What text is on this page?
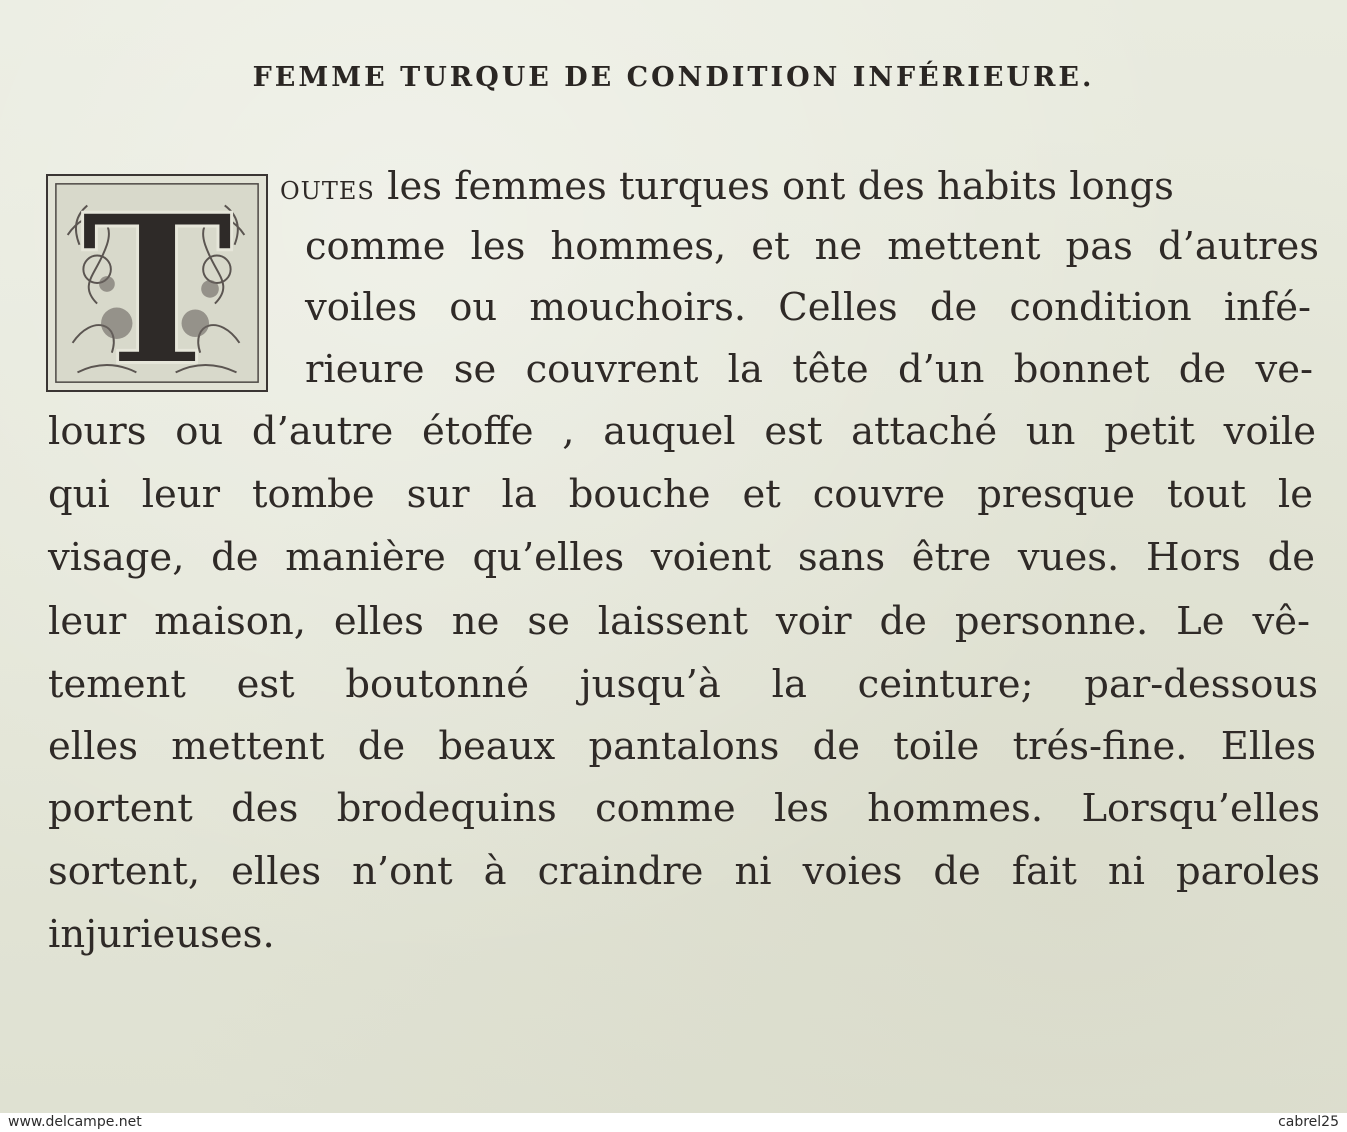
FEMME TURQUE DE CONDITION INFÉRIEURE.
T OUTES les femmes turques ont des habits longs
comme les hommes, et ne mettent pas d’autres
voiles ou mouchoirs. Celles de condition infé-
rieure se couvrent la tête d’un bonnet de ve-
lours ou d’autre étoffe , auquel est attaché un petit voile
qui leur tombe sur la bouche et couvre presque tout le
visage, de manière qu’elles voient sans être vues. Hors de
leur maison, elles ne se laissent voir de personne. Le vê-
tement est boutonné jusqu’à la ceinture; par-dessous
elles mettent de beaux pantalons de toile trés-fine. Elles
portent des brodequins comme les hommes. Lorsqu’elles
sortent, elles n’ont à craindre ni voies de fait ni paroles
injurieuses.
www.delcampe.net	cabrel25
